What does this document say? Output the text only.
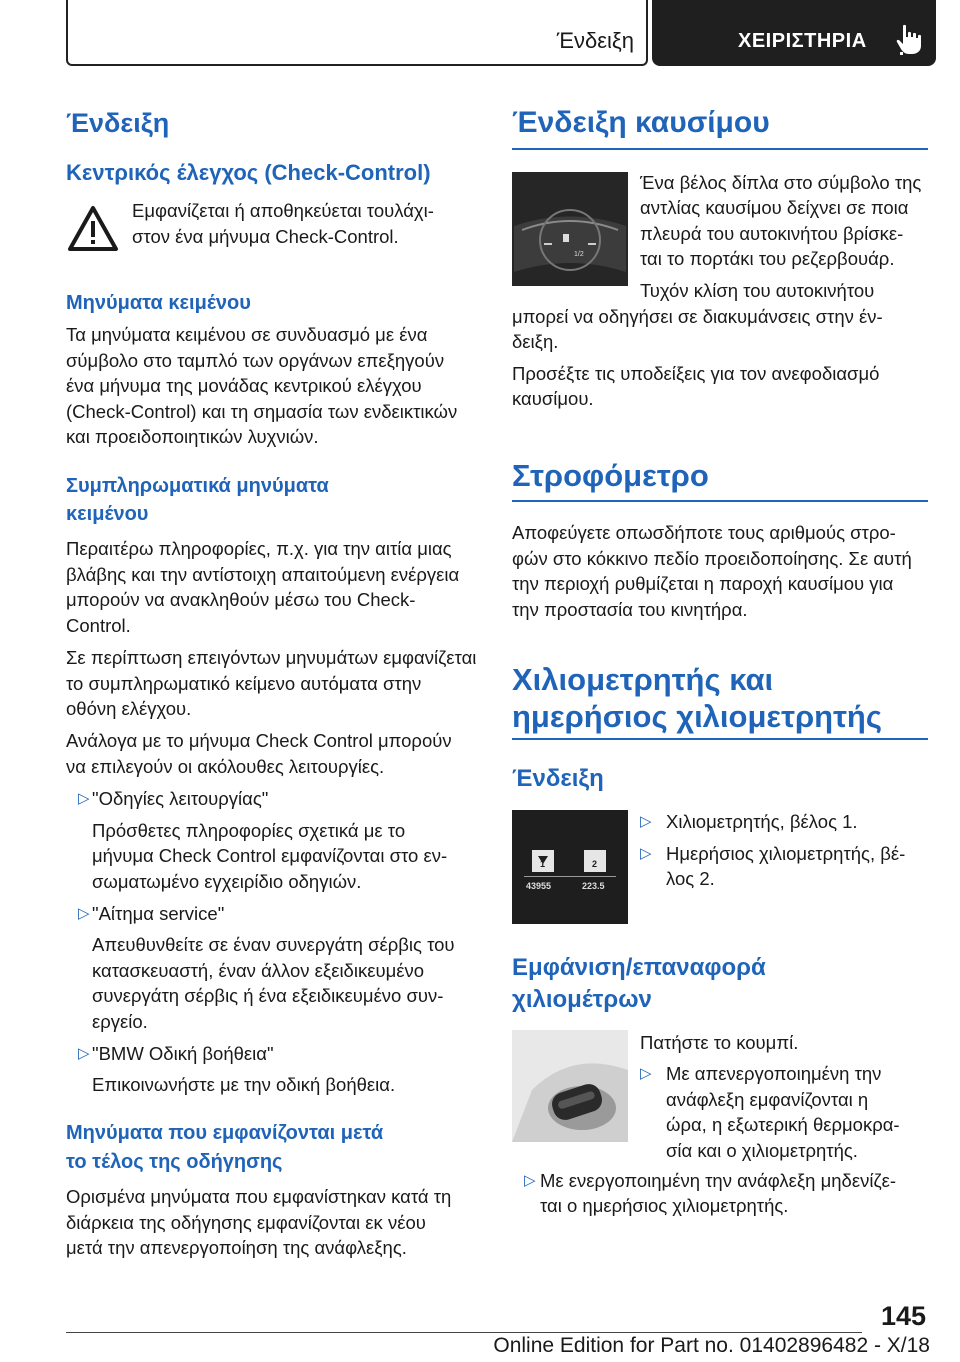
Ένδειξη	ΧΕΙΡΙΣΤΗΡΙΑ
Ένδειξη
Κεντρικός έλεγχος (Check-Control)
Εμφανίζεται ή αποθηκεύεται τουλάχι-
στον ένα μήνυμα Check-Control.
Μηνύματα κειμένου
Τα μηνύματα κειμένου σε συνδυασμό με ένα
σύμβολο στο ταμπλό των οργάνων επεξηγούν
ένα μήνυμα της μονάδας κεντρικού ελέγχου
(Check-Control) και τη σημασία των ενδεικτικών
και προειδοποιητικών λυχνιών.
Συμπληρωματικά μηνύματα
κειμένου
Περαιτέρω πληροφορίες, π.χ. για την αιτία μιας
βλάβης και την αντίστοιχη απαιτούμενη ενέργεια
μπορούν να ανακληθούν μέσω του Check-
Control.
Σε περίπτωση επειγόντων μηνυμάτων εμφανίζεται
το συμπληρωματικό κείμενο αυτόματα στην
οθόνη ελέγχου.
Ανάλογα με το μήνυμα Check Control μπορούν
να επιλεγούν οι ακόλουθες λειτουργίες.
▷ "Οδηγίες λειτουργίας"
Πρόσθετες πληροφορίες σχετικά με το
μήνυμα Check Control εμφανίζονται στο εν-
σωματωμένο εγχειρίδιο οδηγιών.
▷ "Αίτημα service"
Απευθυνθείτε σε έναν συνεργάτη σέρβις του
κατασκευαστή, έναν άλλον εξειδικευμένο
συνεργάτη σέρβις ή ένα εξειδικευμένο συν-
εργείο.
▷ "BMW Οδική βοήθεια"
Επικοινωνήστε με την οδική βοήθεια.
Μηνύματα που εμφανίζονται μετά
το τέλος της οδήγησης
Ορισμένα μηνύματα που εμφανίστηκαν κατά τη
διάρκεια της οδήγησης εμφανίζονται εκ νέου
μετά την απενεργοποίηση της ανάφλεξης.
Ένδειξη καυσίμου
1/2
Ένα βέλος δίπλα στο σύμβολο της
αντλίας καυσίμου δείχνει σε ποια
πλευρά του αυτοκινήτου βρίσκε-
ται το πορτάκι του ρεζερβουάρ.
Τυχόν κλίση του αυτοκινήτου
μπορεί να οδηγήσει σε διακυμάνσεις στην έν-
δειξη.
Προσέξτε τις υποδείξεις για τον ανεφοδιασμό
καυσίμου.
Στροφόμετρο
Αποφεύγετε οπωσδήποτε τους αριθμούς στρο-
φών στο κόκκινο πεδίο προειδοποίησης. Σε αυτή
την περιοχή ρυθμίζεται η παροχή καυσίμου για
την προστασία του κινητήρα.
Χιλιομετρητής και
ημερήσιος χιλιομετρητής
Ένδειξη
1	2
43955	223.5
▷ Χιλιομετρητής, βέλος 1.
▷ Ημερήσιος χιλιομετρητής, βέ-
λος 2.
Εμφάνιση/επαναφορά
χιλιομέτρων
Πατήστε το κουμπί.
▷ Με απενεργοποιημένη την
ανάφλεξη εμφανίζονται η
ώρα, η εξωτερική θερμοκρα-
σία και ο χιλιομετρητής.
▷ Με ενεργοποιημένη την ανάφλεξη μηδενίζε-
ται ο ημερήσιος χιλιομετρητής.
145
Online Edition for Part no. 01402896482 - X/18
